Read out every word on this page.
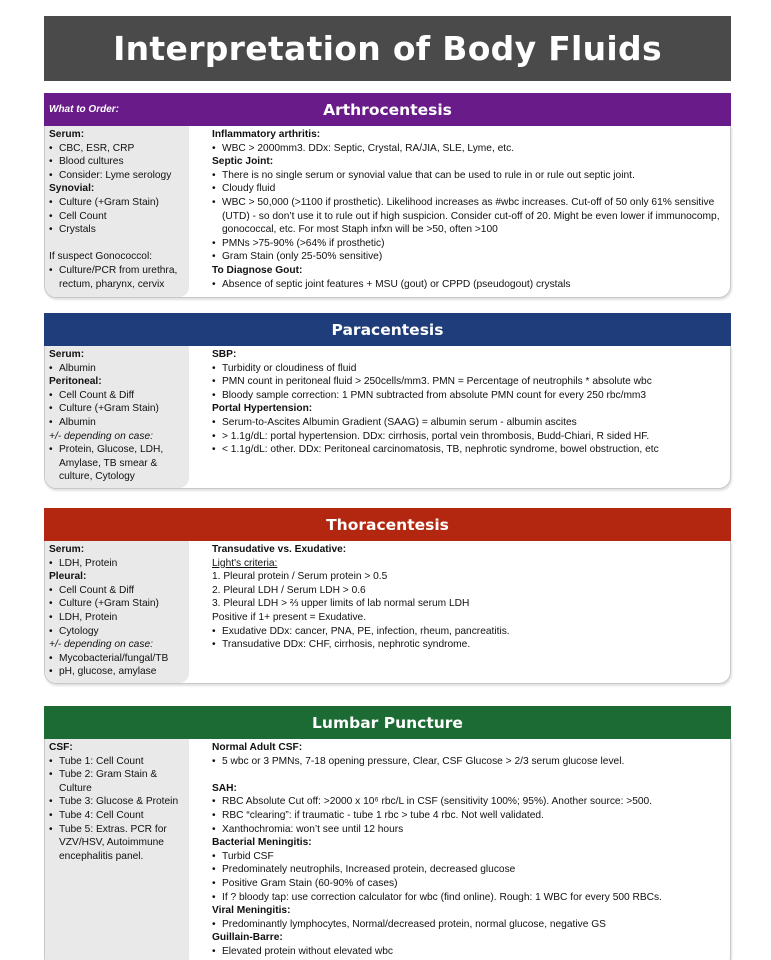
Interpretation of Body Fluids
What to Order:	Arthrocentesis
Serum:
• CBC, ESR, CRP
• Blood cultures
• Consider: Lyme serology
Synovial:
• Culture (+Gram Stain)
• Cell Count
• Crystals
If suspect Gonococcol:
• Culture/PCR from urethra, rectum, pharynx, cervix
Inflammatory arthritis:
• WBC > 2000mm3. DDx: Septic, Crystal, RA/JIA, SLE, Lyme, etc.
Septic Joint:
• There is no single serum or synovial value that can be used to rule in or rule out septic joint.
• Cloudy fluid
• WBC > 50,000 (>1100 if prosthetic). Likelihood increases as #wbc increases. Cut-off of 50 only 61% sensitive (UTD) - so don’t use it to rule out if high suspicion. Consider cut-off of 20. Might be even lower if immunocomp, gonococcal, etc. For most Staph infxn will be >50, often >100
• PMNs >75-90% (>64% if prosthetic)
• Gram Stain (only 25-50% sensitive)
To Diagnose Gout:
• Absence of septic joint features + MSU (gout) or CPPD (pseudogout) crystals
Paracentesis
Serum:
• Albumin
Peritoneal:
• Cell Count & Diff
• Culture (+Gram Stain)
• Albumin
+/- depending on case:
• Protein, Glucose, LDH, Amylase, TB smear & culture, Cytology
SBP:
• Turbidity or cloudiness of fluid
• PMN count in peritoneal fluid > 250cells/mm3. PMN = Percentage of neutrophils * absolute wbc
• Bloody sample correction: 1 PMN subtracted from absolute PMN count for every 250 rbc/mm3
Portal Hypertension:
• Serum-to-Ascites Albumin Gradient (SAAG) = albumin serum - albumin ascites
• > 1.1g/dL: portal hypertension. DDx: cirrhosis, portal vein thrombosis, Budd-Chiari, R sided HF.
• < 1.1g/dL: other. DDx: Peritoneal carcinomatosis, TB, nephrotic syndrome, bowel obstruction, etc
Thoracentesis
Serum:
• LDH, Protein
Pleural:
• Cell Count & Diff
• Culture (+Gram Stain)
• LDH, Protein
• Cytology
+/- depending on case:
• Mycobacterial/fungal/TB
• pH, glucose, amylase
Transudative vs. Exudative:
Light's criteria:
1. Pleural protein / Serum protein > 0.5
2. Pleural LDH / Serum LDH > 0.6
3. Pleural LDH > ⅔ upper limits of lab normal serum LDH
Positive if 1+ present = Exudative.
• Exudative DDx: cancer, PNA, PE, infection, rheum, pancreatitis.
• Transudative DDx: CHF, cirrhosis, nephrotic syndrome.
Lumbar Puncture
CSF:
• Tube 1: Cell Count
• Tube 2: Gram Stain & Culture
• Tube 3: Glucose & Protein
• Tube 4: Cell Count
• Tube 5: Extras. PCR for VZV/HSV, Autoimmune encephalitis panel.
Normal Adult CSF:
• 5 wbc or 3 PMNs, 7-18 opening pressure, Clear, CSF Glucose > 2/3 serum glucose level.
SAH:
• RBC Absolute Cut off: >2000 x 10⁶ rbc/L in CSF (sensitivity 100%; 95%). Another source: >500.
• RBC “clearing”: if traumatic - tube 1 rbc > tube 4 rbc. Not well validated.
• Xanthochromia: won’t see until 12 hours
Bacterial Meningitis:
• Turbid CSF
• Predominately neutrophils, Increased protein, decreased glucose
• Positive Gram Stain (60-90% of cases)
• If ? bloody tap: use correction calculator for wbc (find online). Rough: 1 WBC for every 500 RBCs.
Viral Meningitis:
• Predominantly lymphocytes, Normal/decreased protein, normal glucose, negative GS
Guillain-Barre:
• Elevated protein without elevated wbc
